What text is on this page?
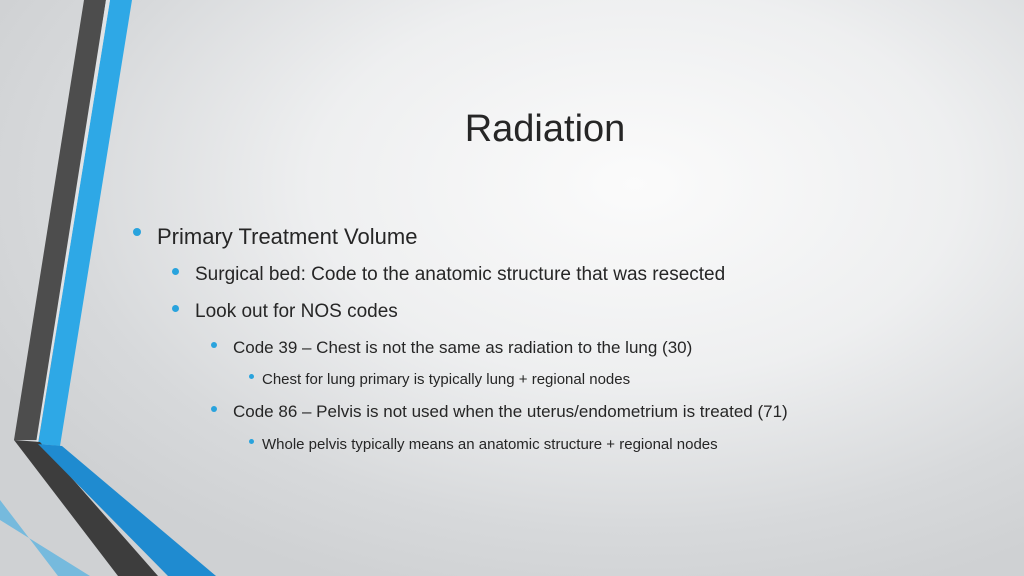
Radiation
Primary Treatment Volume
Surgical bed: Code to the anatomic structure that was resected
Look out for NOS codes
Code 39 – Chest is not the same as radiation to the lung (30)
Chest for lung primary is typically lung + regional nodes
Code 86 – Pelvis is not used when the uterus/endometrium is treated (71)
Whole pelvis typically means an anatomic structure + regional nodes
